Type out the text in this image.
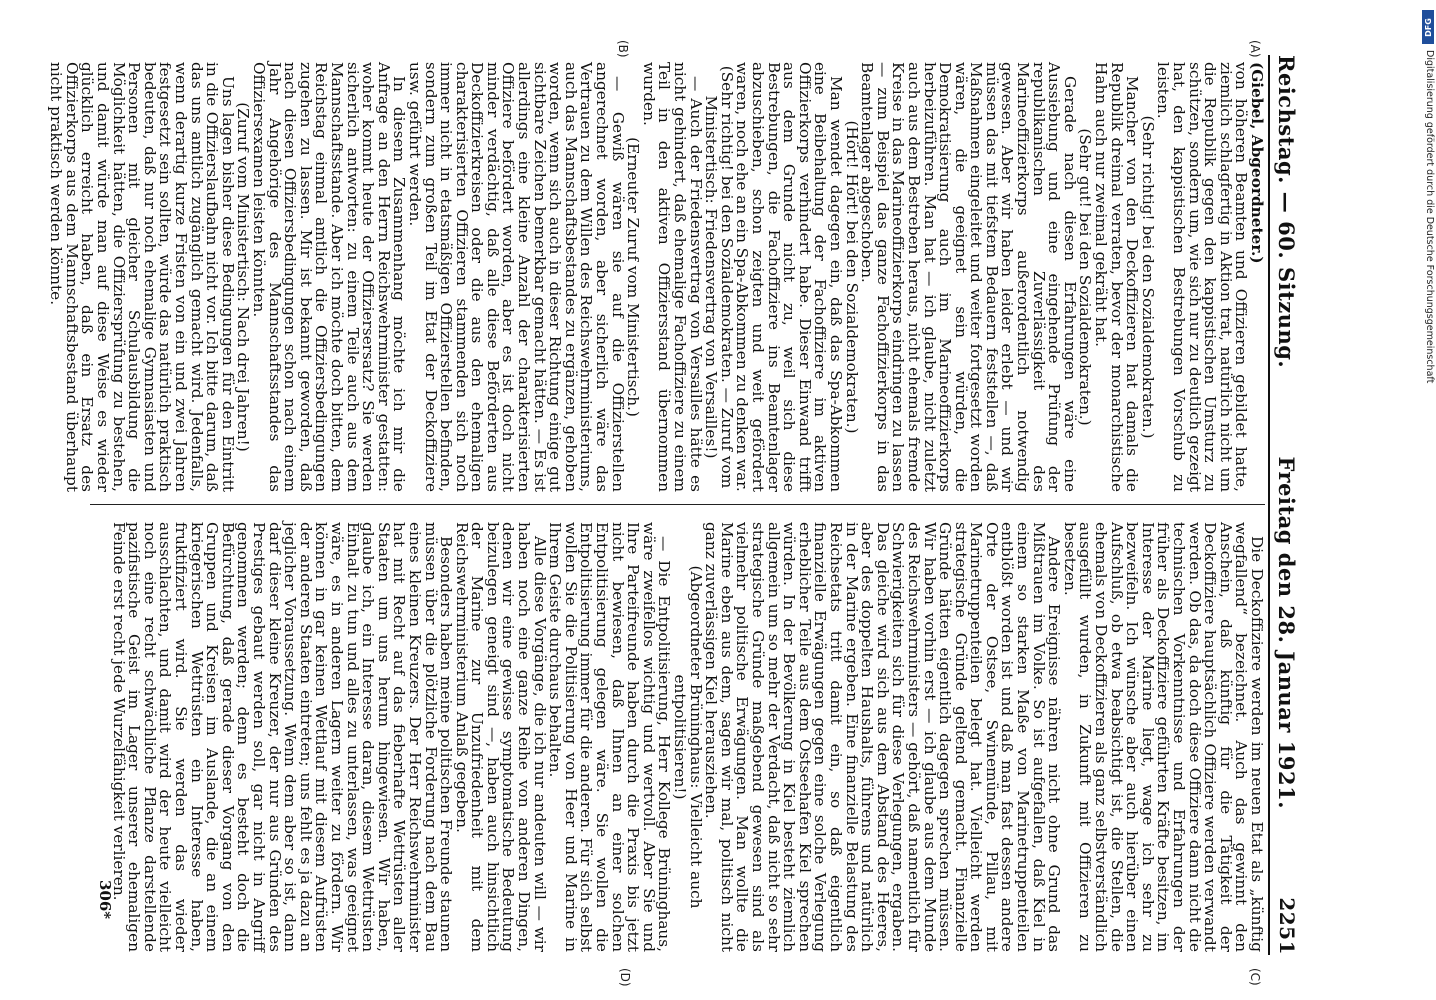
Reichstag. — 60. Sitzung.
Freitag den 28. Januar 1921.
2251
(A)
(B)
(C)
(D)

(Giebel, Abgeordneter.)

von höheren Beamten und Offizieren gebildet hatte, ziemlich schlagfertig in Aktion trat, natürlich nicht um die Republik gegen den kappistischen Umsturz zu schützen, sondern um, wie sich nur zu deutlich gezeigt hat, den kappistischen Bestrebungen Vorschub zu leisten.

(Sehr richtig! bei den Sozialdemokraten.)

Mancher von den Deckoffizieren hat damals die Republik dreimal verraten, bevor der monarchistische Hahn auch nur zweimal gekräht hat.

(Sehr gut! bei den Sozialdemokraten.)

Gerade nach diesen Erfahrungen wäre eine Aussiebung und eine eingehende Prüfung der republikanischen Zuverlässigkeit des Marineoffizierkorps außerordentlich notwendig gewesen. Aber wir haben leider erlebt — und wir müssen das mit tiefstem Bedauern feststellen —, daß Maßnahmen eingeleitet und weiter fortgesetzt worden wären, die geeignet sein würden, die Demokratisierung auch im Marineoffizierkorps herbeizuführen. Man hat — ich glaube, nicht zuletzt auch aus dem Bestreben heraus, nicht ehemals fremde Kreise in das Marineoffizierkorps eindringen zu lassen — zum Beispiel das ganze Fachoffizierkorps in das Beamtenlager abgeschoben.

(Hört! Hört! bei den Sozialdemokraten.)

Man wendet dagegen ein, daß das Spa-Abkommen eine Beibehaltung der Fachoffiziere im aktiven Offizierkorps verhindert habe. Dieser Einwand trifft aus dem Grunde nicht zu, weil sich diese Bestrebungen, die Fachoffiziere ins Beamtenlager abzuschieben, schon zeigten und weit gefördert waren, noch ehe an ein Spa-Abkommen zu denken war.

(Sehr richtig! bei den Sozialdemokraten. — Zuruf vom Ministertisch: Friedensvertrag von Versailles!)

— Auch der Friedensvertrag von Versailles hätte es nicht gehindert, daß ehemalige Fachoffiziere zu einem Teil in den aktiven Offiziersstand übernommen wurden.

(Erneuter Zuruf vom Ministertisch.)

— Gewiß wären sie auf die Offizierstellen angerechnet worden, aber sicherlich wäre das Vertrauen zu dem Willen des Reichswehrministeriums, auch das Mannschaftsbestandes zu ergänzen, gehoben worden, wenn sich auch in dieser Richtung einige gut sichtbare Zeichen bemerkbar gemacht hätten. — Es ist allerdings eine kleine Anzahl der charakterisierten Offiziere befördert worden, aber es ist doch nicht minder verdächtig, daß alle diese Beförderten aus Deckoffizierkreisen oder die aus den ehemaligen charakterisierten Offizieren stammenden sich noch immer nicht in etatsmäßigen Offizierstellen befinden, sondern zum großen Teil im Etat der Deckoffiziere usw. geführt werden.

In diesem Zusammenhang möchte ich mir die Anfrage an den Herrn Reichswehrminister gestatten: woher kommt heute der Offiziersersatz? Sie werden sicherlich antworten: zu einem Teile auch aus dem Mannschaftsstande. Aber ich möchte doch bitten, dem Reichstag einmal amtlich die Offiziersbedingungen zugehen zu lassen. Mir ist bekannt geworden, daß nach diesen Offiziersbedingungen schon nach einem Jahr Angehörige des Mannschaftsstandes das Offiziersexamen leisten könnten.

(Zuruf vom Ministertisch: Nach drei Jahren!)

Uns lagen bisher diese Bedingungen für den Eintritt in die Offizierslaufbahn nicht vor. Ich bitte darum, daß das uns amtlich zugänglich gemacht wird. Jedenfalls, wenn derartig kurze Fristen von ein und zwei Jahren festgesetzt sein sollten, würde das natürlich praktisch bedeuten, daß nur noch ehemalige Gymnasiasten und Personen mit gleicher Schulausbildung die Möglichkeit hätten, die Offiziersprüfung zu bestehen, und damit würde man auf diese Weise es wieder glücklich erreicht haben, daß ein Ersatz des Offizierkorps aus dem Mannschaftsbestand überhaupt nicht praktisch werden könnte.

Die Deckoffiziere werden im neuen Etat als „künftig wegfallend“ bezeichnet. Auch das gewinnt den Anschein, daß künftig für die Tätigkeit der Deckoffiziere hauptsächlich Offiziere werden verwandt werden. Ob das, da doch diese Offiziere dann nicht die technischen Vorkenntnisse und Erfahrungen der früher als Deckoffiziere geführten Kräfte besitzen, im Interesse der Marine liegt, wage ich sehr zu bezweifeln. Ich wünsche aber auch hierüber einen Aufschluß, ob etwa beabsichtigt ist, die Stellen, die ehemals von Deckoffizieren als ganz selbstverständlich ausgefüllt wurden, in Zukunft mit Offizieren zu besetzen.

Andere Ereignisse nähren nicht ohne Grund das Mißtrauen im Volke. So ist aufgefallen, daß Kiel in einem so starken Maße von Marinetruppenteilen entblößt worden ist und daß man fast dessen andere Orte der Ostsee, Swinemünde, Pillau, mit Marinetruppenteilen belegt hat. Vielleicht werden strategische Gründe geltend gemacht. Finanzielle Gründe hätten eigentlich dagegen sprechen müssen. Wir haben vorhin erst — ich glaube aus dem Munde des Reichswehrministers — gehört, daß namentlich für Schwierigkeiten sich für diese Verlegungen, ergaben. Das gleiche wird sich aus dem Abstand des Heeres, aber des doppelten Haushalts, führens und natürlich in der Marine ergeben. Eine finanzielle Belastung des Reichsetats tritt damit ein, so daß eigentlich finanzielle Erwägungen gegen eine solche Verlegung erheblicher Teile aus dem Ostseehafen Kiel sprechen würden. In der Bevölkerung in Kiel besteht ziemlich allgemein um so mehr der Verdacht, daß nicht so sehr strategische Gründe maßgebend gewesen sind als vielmehr politische Erwägungen. Man wollte die Marine eben aus dem, sagen wir mal, politisch nicht ganz zuverlässigen Kiel herausziehen.

(Abgeordneter Brüninghaus: Vielleicht auch entpolitisieren!)

— Die Entpolitisierung, Herr Kollege Brüninghaus, wäre zweifellos wichtig und wertvoll. Aber Sie und Ihre Parteifreunde haben durch die Praxis bis jetzt nicht bewiesen, daß Ihnen an einer solchen Entpolitisierung gelegen wäre. Sie wollen die Entpolitisierung immer für die anderen. Für sich selbst wollen Sie die Politisierung von Heer und Marine in Ihrem Geiste durchaus behalten.

Alle diese Vorgänge, die ich nur andeuten will — wir haben noch eine ganze Reihe von anderen Dingen, denen wir eine gewisse symptomatische Bedeutung beizulegen geneigt sind —, haben auch hinsichtlich der Marine zur Unzufriedenheit mit dem Reichswehrministerium Anlaß gegeben.

Besonders haben meine politischen Freunde staunen müssen über die plötzliche Forderung nach dem Bau eines kleinen Kreuzers. Der Herr Reichswehrminister hat mit Recht auf das fieberhafte Wettrüsten aller Staaten um uns herum hingewiesen. Wir haben, glaube ich, ein Interesse daran, diesem Wettrüsten Einhalt zu tun und alles zu unterlassen, was geeignet wäre, es in anderen Lagern weiter zu fördern. Wir können in gar keinen Wettlauf mit diesem Aufrüsten der anderen Staaten eintreten; uns fehlt es ja dazu an jeglicher Voraussetzung. Wenn dem aber so ist, dann darf dieser kleine Kreuzer, der nur aus Gründen des Prestiges gebaut werden soll, gar nicht in Angriff genommen werden; denn es besteht doch die Befürchtung, daß gerade dieser Vorgang von den Gruppen und Kreisen im Auslande, die an einem kriegerischen Wettrüsten ein Interesse haben, fruktifiziert wird. Sie werden das wieder ausschlachten, und damit wird der heute vielleicht noch eine recht schwächliche Pflanze darstellende pazifistische Geist im Lager unserer ehemaligen Feinde erst recht jede Wurzelfähigkeit verlieren.

306*
DFG
Digitalisierung gefördert durch die Deutsche Forschungsgemeinschaft
